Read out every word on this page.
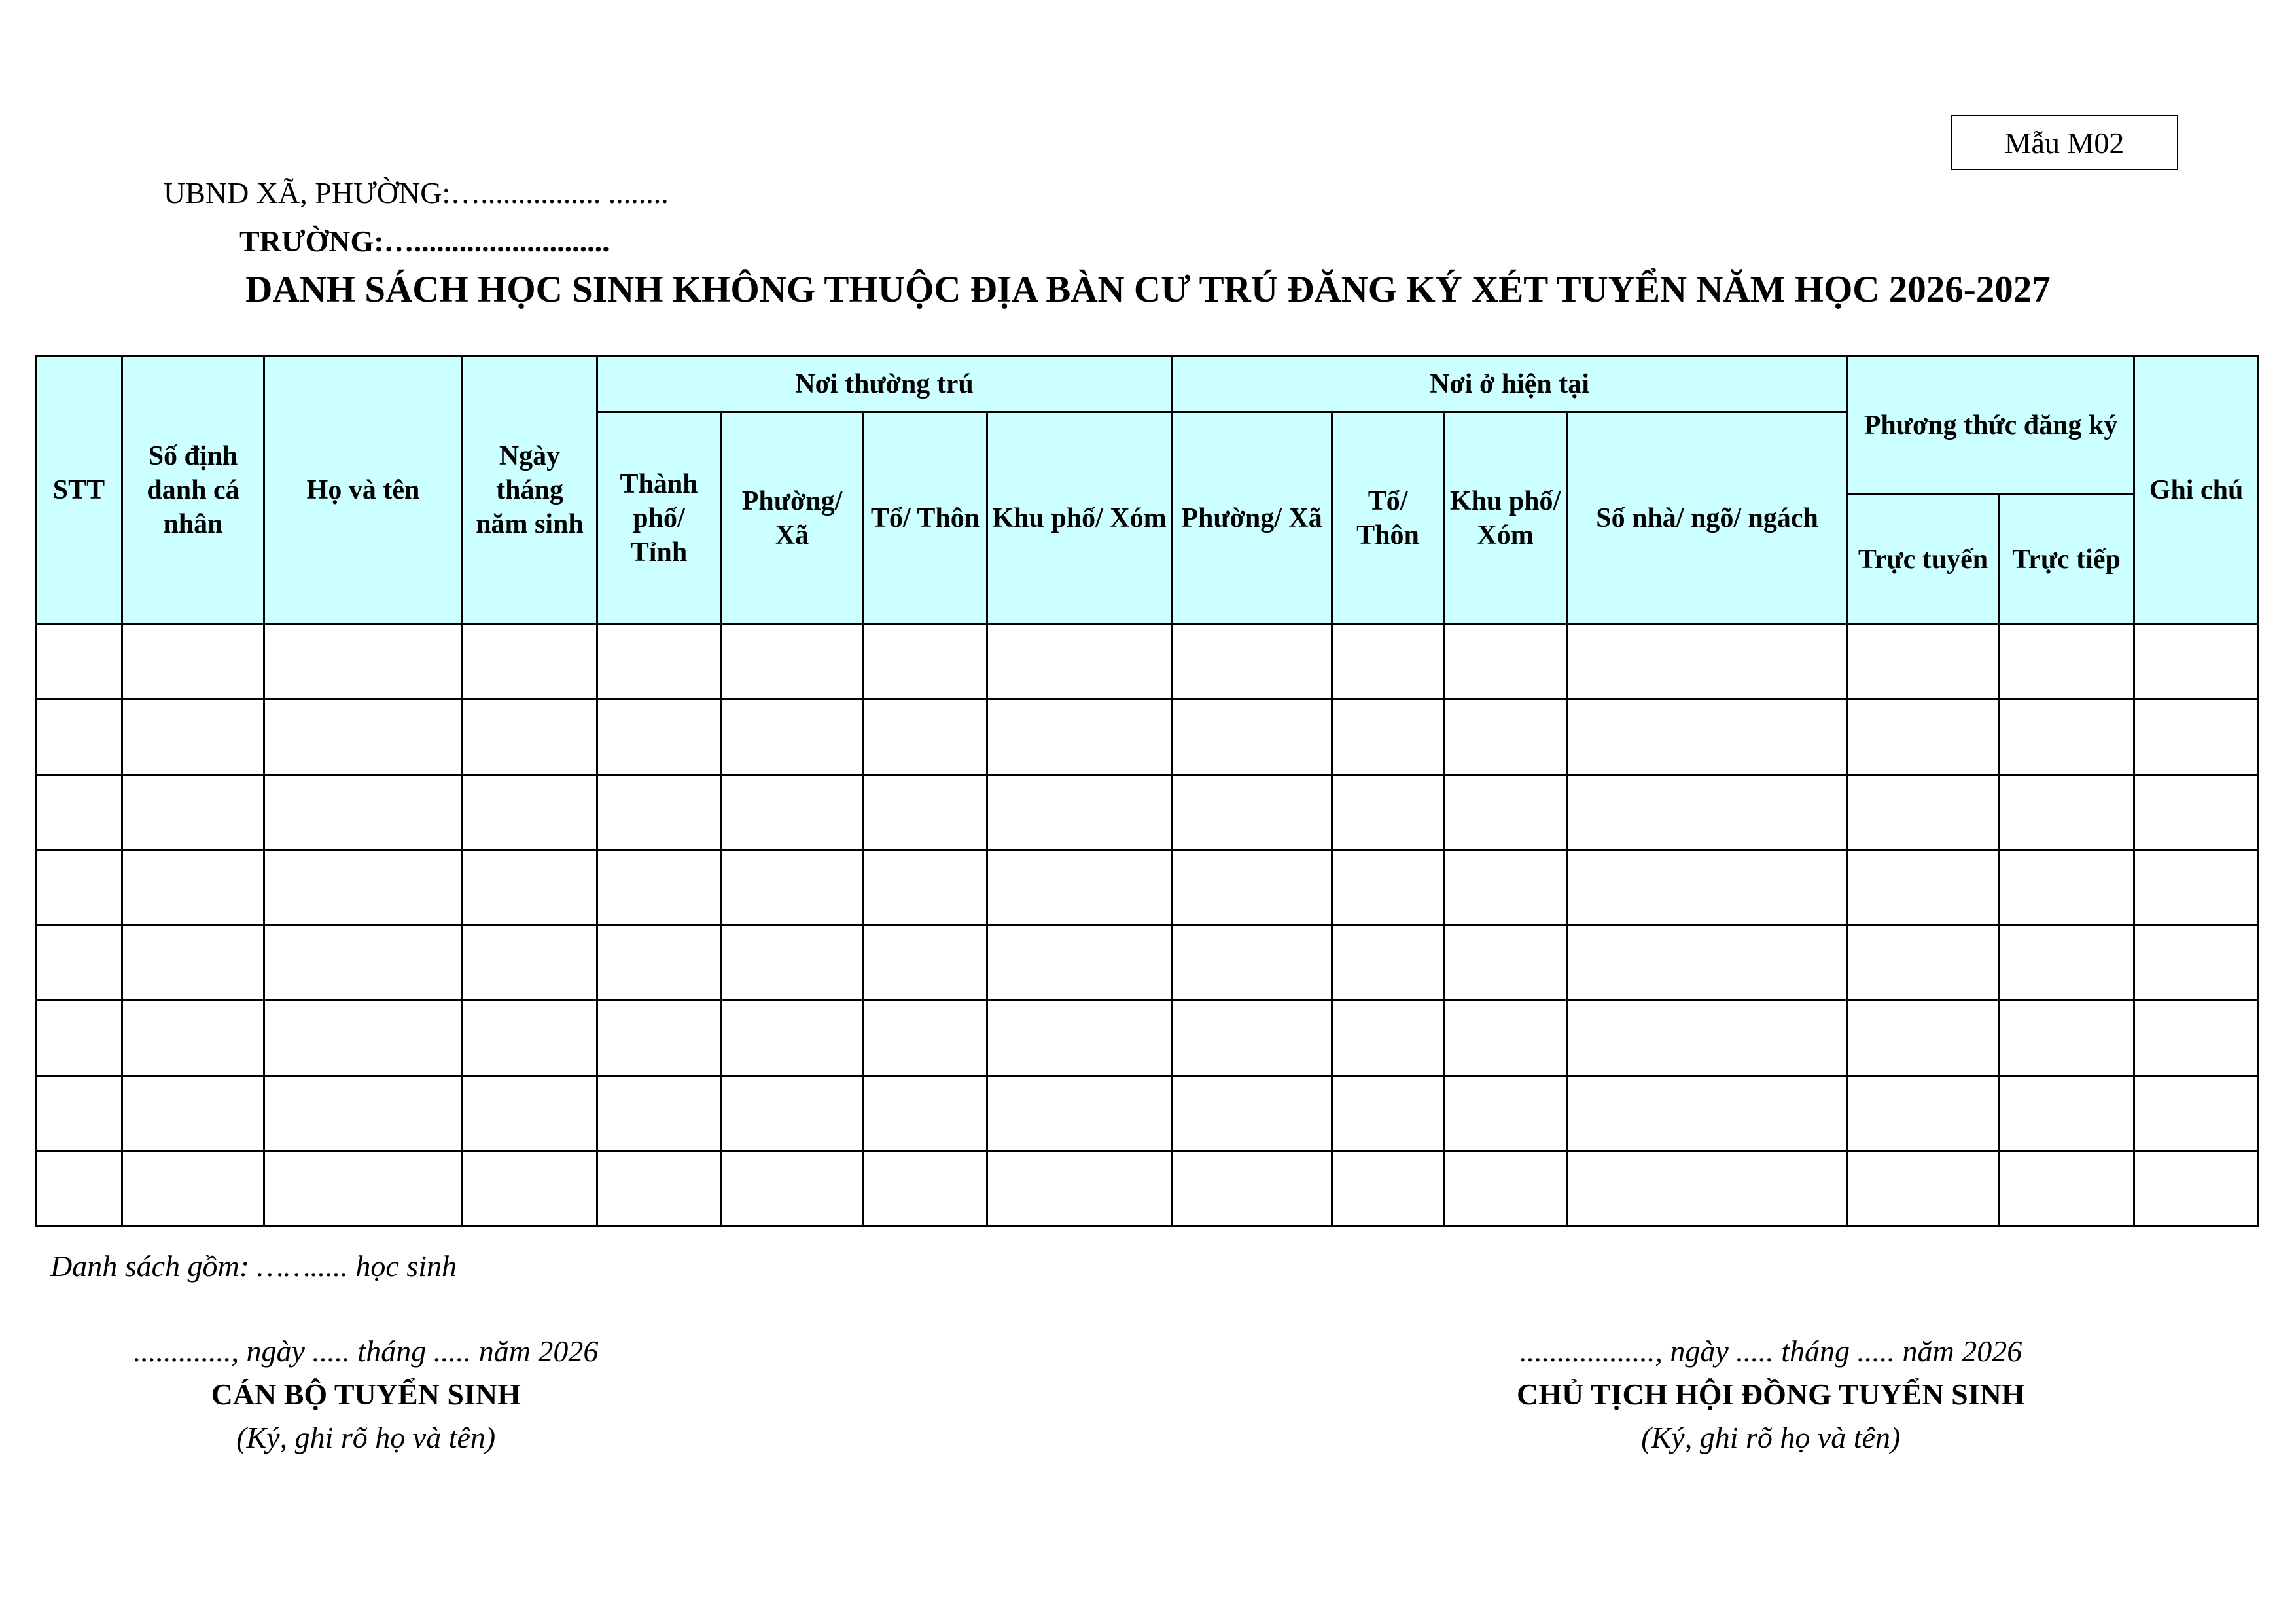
Mẫu M02
UBND XÃ, PHƯỜNG:…................ ........
TRƯỜNG:…..........................
DANH SÁCH HỌC SINH KHÔNG THUỘC ĐỊA BÀN CƯ TRÚ ĐĂNG KÝ XÉT TUYỂN NĂM HỌC 2026-2027
STT	Số định danh cá nhân	Họ và tên	Ngày tháng năm sinh	Nơi thường trú				Nơi ở hiện tại				Phương thức đăng ký		Ghi chú
				Thành phố/ Tỉnh	Phường/ Xã	Tổ/ Thôn	Khu phố/ Xóm	Phường/ Xã	Tổ/ Thôn	Khu phố/ Xóm	Số nhà/ ngõ/ ngách			
												Trực tuyến	Trực tiếp	

Danh sách gồm: ……..... học sinh
............., ngày ..... tháng ..... năm 2026
CÁN BỘ TUYỂN SINH
(Ký, ghi rõ họ và tên)
.................., ngày ..... tháng ..... năm 2026
CHỦ TỊCH HỘI ĐỒNG TUYỂN SINH
(Ký, ghi rõ họ và tên)
